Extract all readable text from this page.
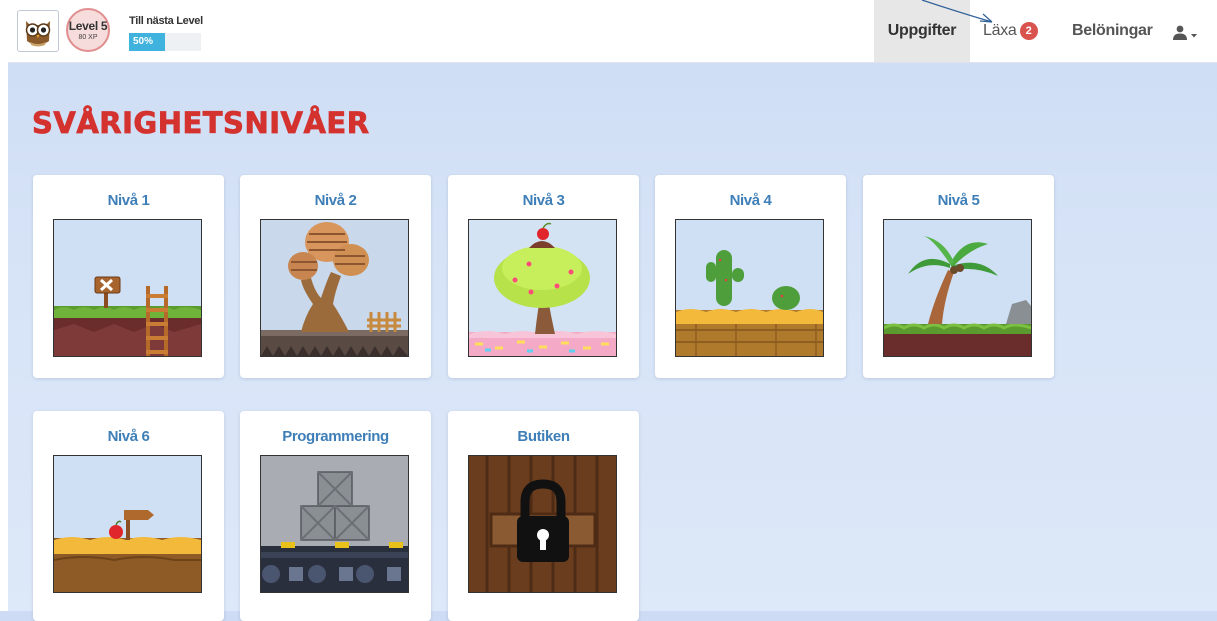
Level 5
80 XP
Till nästa Level
50%
Uppgifter	Läxa 2	Belöningar
SVÅRIGHETSNIVÅER
Nivå 1	Nivå 2	Nivå 3	Nivå 4	Nivå 5
Nivå 6	Programmering	Butiken
